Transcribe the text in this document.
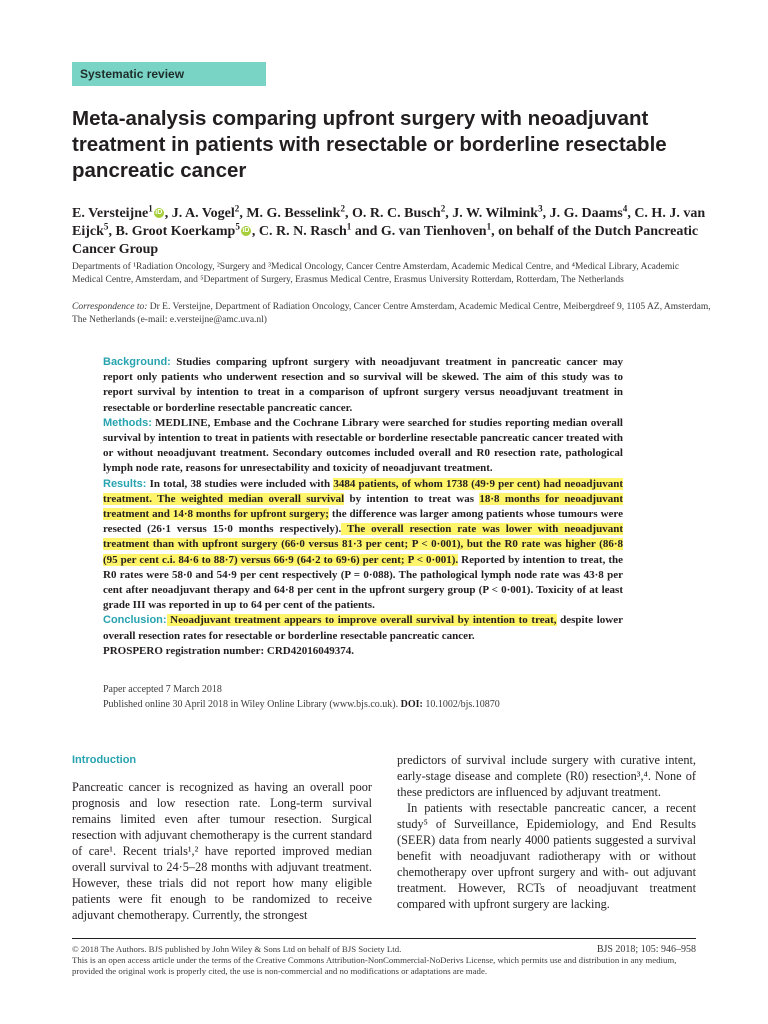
Systematic review
Meta-analysis comparing upfront surgery with neoadjuvant treatment in patients with resectable or borderline resectable pancreatic cancer
E. Versteijne$^1$ iD , J. A. Vogel$^2$, M. G. Besselink$^2$, O. R. C. Busch$^2$, J. W. Wilmink$^3$, J. G. Daams$^4$, C. H. J. van Eijck$^5$, B. Groot Koerkamp$^5$ iD , C. R. N. Rasch$^1$ and G. van Tienhoven$^1$, on behalf of the Dutch Pancreatic Cancer Group
Departments of ¹Radiation Oncology, ²Surgery and ³Medical Oncology, Cancer Centre Amsterdam, Academic Medical Centre, and ⁴Medical Library, Academic Medical Centre, Amsterdam, and ⁵Department of Surgery, Erasmus Medical Centre, Erasmus University Rotterdam, Rotterdam, The Netherlands
Correspondence to: Dr E. Versteijne, Department of Radiation Oncology, Cancer Centre Amsterdam, Academic Medical Centre, Meibergdreef 9, 1105 AZ, Amsterdam, The Netherlands (e-mail: e.versteijne@amc.uva.nl)

Background: Studies comparing upfront surgery with neoadjuvant treatment in pancreatic cancer may report only patients who underwent resection and so survival will be skewed. The aim of this study was to report survival by intention to treat in a comparison of upfront surgery versus neoadjuvant treatment in resectable or borderline resectable pancreatic cancer.

Methods: MEDLINE, Embase and the Cochrane Library were searched for studies reporting median overall survival by intention to treat in patients with resectable or borderline resectable pancreatic cancer treated with or without neoadjuvant treatment. Secondary outcomes included overall and R0 resection rate, pathological lymph node rate, reasons for unresectability and toxicity of neoadjuvant treatment.

Results: In total, 38 studies were included with 3484 patients, of whom 1738 (49·9 per cent) had neoadjuvant treatment. The weighted median overall survival by intention to treat was 18·8 months for neoadjuvant treatment and 14·8 months for upfront surgery; the difference was larger among patients whose tumours were resected (26·1 versus 15·0 months respectively). The overall resection rate was lower with neoadjuvant treatment than with upfront surgery (66·0 versus 81·3 per cent; P < 0·001), but the R0 rate was higher (86·8 (95 per cent c.i. 84·6 to 88·7) versus 66·9 (64·2 to 69·6) per cent; P < 0·001). Reported by intention to treat, the R0 rates were 58·0 and 54·9 per cent respectively (P = 0·088). The pathological lymph node rate was 43·8 per cent after neoadjuvant therapy and 64·8 per cent in the upfront surgery group (P < 0·001). Toxicity of at least grade III was reported in up to 64 per cent of the patients.

Conclusion: Neoadjuvant treatment appears to improve overall survival by intention to treat, despite lower overall resection rates for resectable or borderline resectable pancreatic cancer.

PROSPERO registration number: CRD42016049374.

Paper accepted 7 March 2018
Published online 30 April 2018 in Wiley Online Library (www.bjs.co.uk). DOI: 10.1002/bjs.10870
Introduction

Pancreatic cancer is recognized as having an overall poor prognosis and low resection rate. Long-term survival remains limited even after tumour resection. Surgical resection with adjuvant chemotherapy is the current standard of care¹. Recent trials¹,² have reported improved median overall survival to 24·5–28 months with adjuvant treatment. However, these trials did not report how many eligible patients were fit enough to be randomized to receive adjuvant chemotherapy. Currently, the strongest

predictors of survival include surgery with curative intent, early-stage disease and complete (R0) resection³,⁴. None of these predictors are influenced by adjuvant treatment.

In patients with resectable pancreatic cancer, a recent study⁵ of Surveillance, Epidemiology, and End Results (SEER) data from nearly 4000 patients suggested a survival benefit with neoadjuvant radiotherapy with or without chemotherapy over upfront surgery and with- out adjuvant treatment. However, RCTs of neoadjuvant treatment compared with upfront surgery are lacking.

© 2018 The Authors. BJS published by John Wiley & Sons Ltd on behalf of BJS Society Ltd.	BJS 2018; 105: 946–958
This is an open access article under the terms of the Creative Commons Attribution-NonCommercial-NoDerivs License, which permits use and distribution in any medium, provided the original work is properly cited, the use is non-commercial and no modifications or adaptations are made.
